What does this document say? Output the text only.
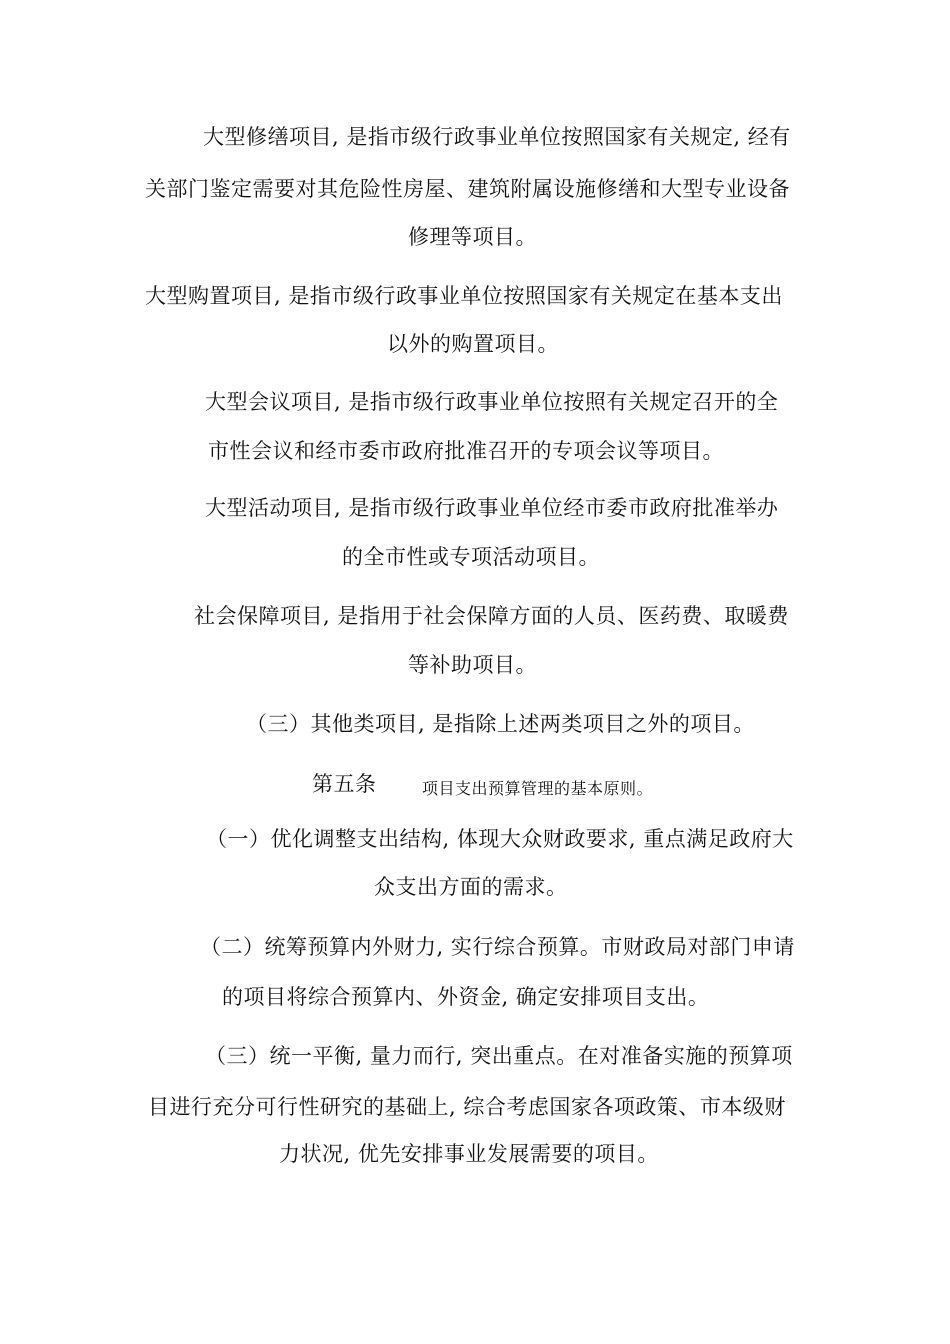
大型修缮项目, 是指市级行政事业单位按照国家有关规定, 经有
关部门鉴定需要对其危险性房屋、建筑附属设施修缮和大型专业设备
修理等项目。
大型购置项目, 是指市级行政事业单位按照国家有关规定在基本支出
以外的购置项目。
大型会议项目, 是指市级行政事业单位按照有关规定召开的全
市性会议和经市委市政府批准召开的专项会议等项目。
大型活动项目, 是指市级行政事业单位经市委市政府批准举办
的全市性或专项活动项目。
社会保障项目, 是指用于社会保障方面的人员、医药费、取暖费
等补助项目。
（三）其他类项目, 是指除上述两类项目之外的项目。
第五条	项目支出预算管理的基本原则。
（一）优化调整支出结构, 体现大众财政要求, 重点满足政府大
众支出方面的需求。
（二）统筹预算内外财力, 实行综合预算。市财政局对部门申请
的项目将综合预算内、外资金, 确定安排项目支出。
（三）统一平衡, 量力而行, 突出重点。在对准备实施的预算项
目进行充分可行性研究的基础上, 综合考虑国家各项政策、市本级财
力状况, 优先安排事业发展需要的项目。
